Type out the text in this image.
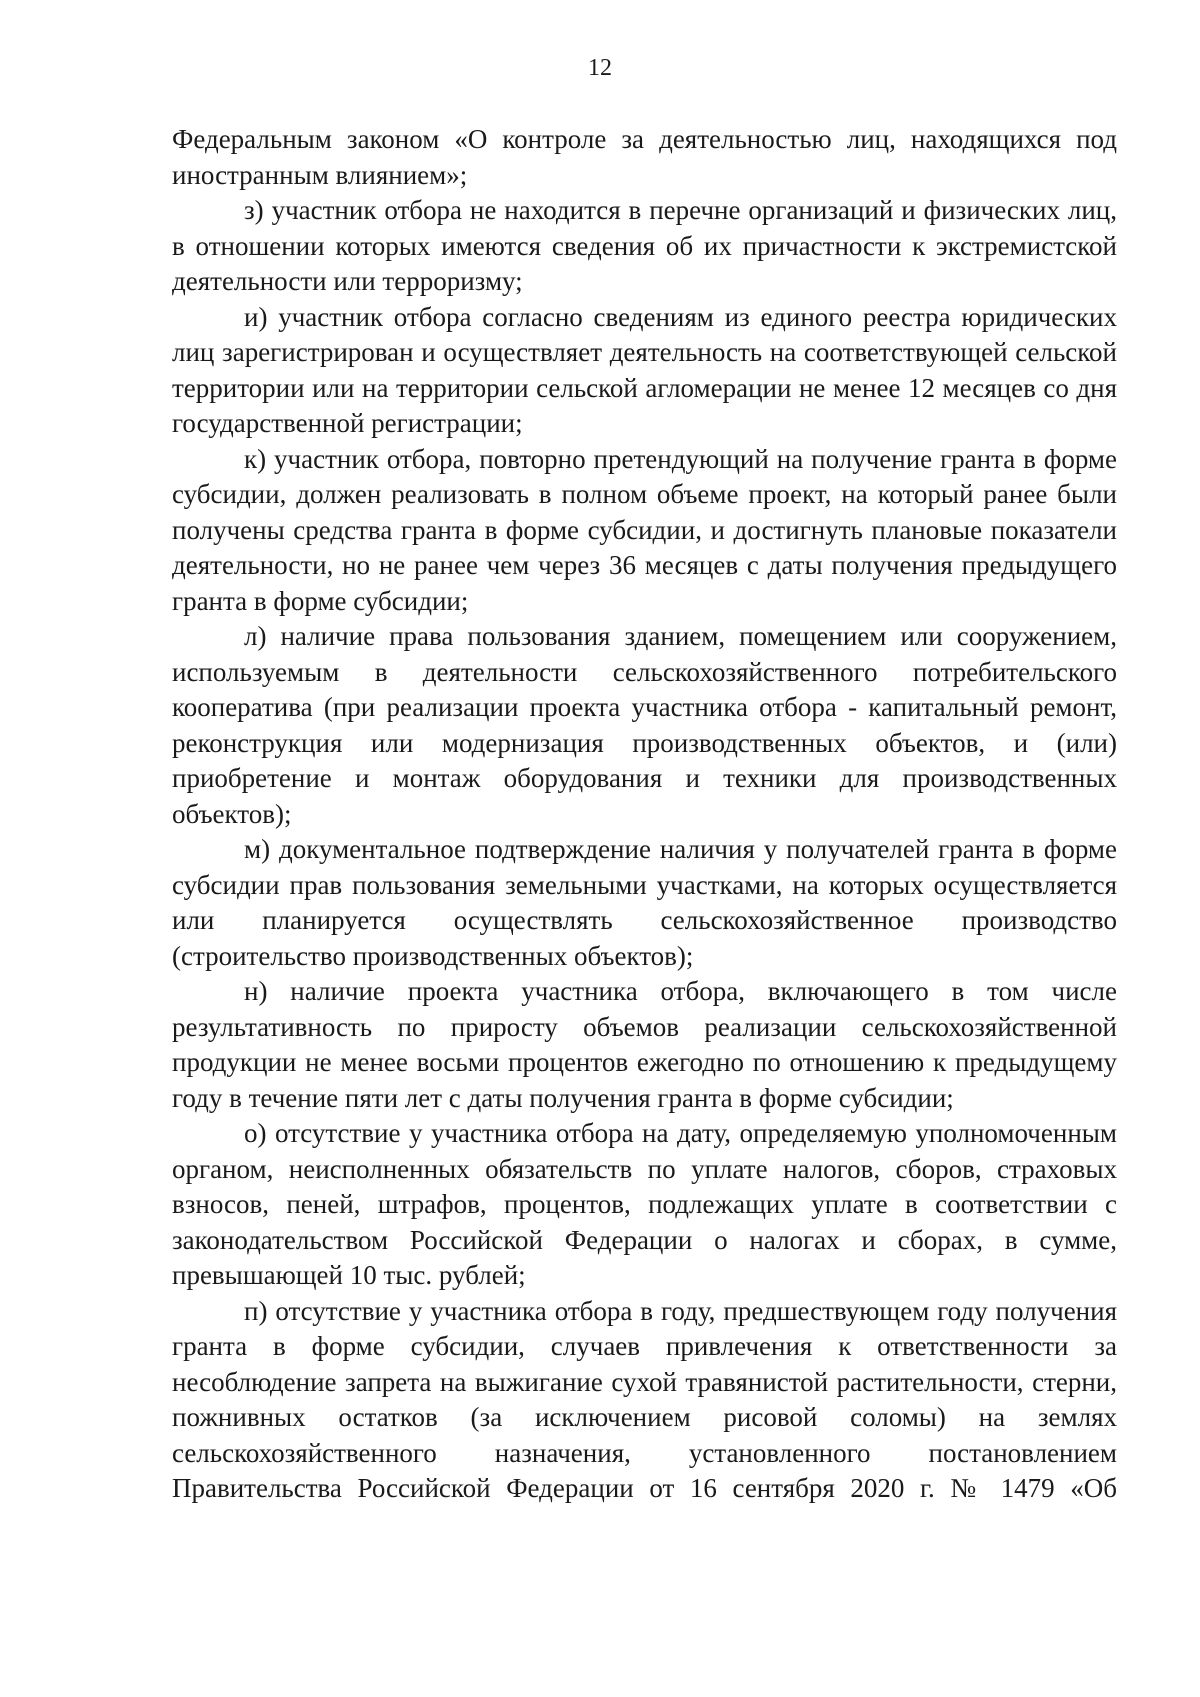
12

Федеральным законом «О контроле за деятельностью лиц, находящихся под иностранным влиянием»;

з) участник отбора не находится в перечне организаций и физических лиц, в отношении которых имеются сведения об их причастности к экстремистской деятельности или терроризму;

и) участник отбора согласно сведениям из единого реестра юридических лиц зарегистрирован и осуществляет деятельность на соответствующей сельской территории или на территории сельской агломерации не менее 12 месяцев со дня государственной регистрации;

к) участник отбора, повторно претендующий на получение гранта в форме субсидии, должен реализовать в полном объеме проект, на который ранее были получены средства гранта в форме субсидии, и достигнуть плановые показатели деятельности, но не ранее чем через 36 месяцев с даты получения предыдущего гранта в форме субсидии;

л) наличие права пользования зданием, помещением или сооружением, используемым в деятельности сельскохозяйственного потребительского кооператива (при реализации проекта участника отбора - капитальный ремонт, реконструкция или модернизация производственных объектов, и (или) приобретение и монтаж оборудования и техники для производственных объектов);

м) документальное подтверждение наличия у получателей гранта в форме субсидии прав пользования земельными участками, на которых осуществляется или планируется осуществлять сельскохозяйственное производство (строительство производственных объектов);

н) наличие проекта участника отбора, включающего в том числе результативность по приросту объемов реализации сельскохозяйственной продукции не менее восьми процентов ежегодно по отношению к предыдущему году в течение пяти лет с даты получения гранта в форме субсидии;

о) отсутствие у участника отбора на дату, определяемую уполномоченным органом, неисполненных обязательств по уплате налогов, сборов, страховых взносов, пеней, штрафов, процентов, подлежащих уплате в соответствии с законодательством Российской Федерации о налогах и сборах, в сумме, превышающей 10 тыс. рублей;

п) отсутствие у участника отбора в году, предшествующем году получения гранта в форме субсидии, случаев привлечения к ответственности за несоблюдение запрета на выжигание сухой травянистой растительности, стерни, пожнивных остатков (за исключением рисовой соломы) на землях сельскохозяйственного назначения, установленного постановлением Правительства Российской Федерации от 16 сентября 2020 г. № 1479 «Об
